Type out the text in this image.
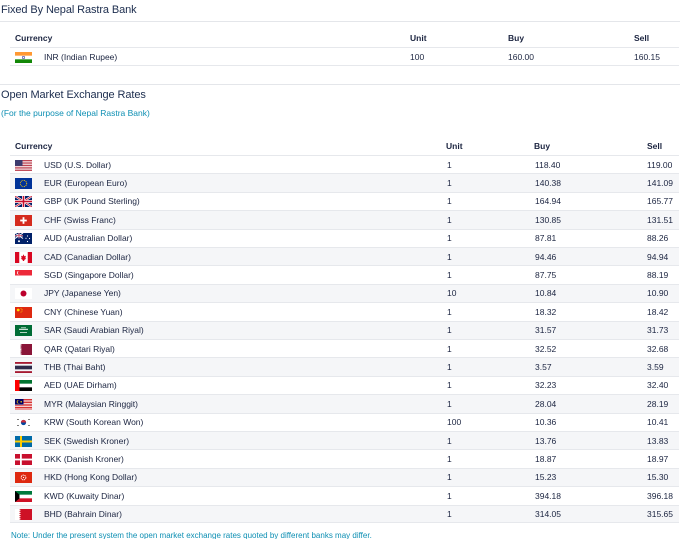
Fixed By Nepal Rastra Bank
Currency	Unit	Buy	Sell
INR (Indian Rupee)	100	160.00	160.15
Open Market Exchange Rates
(For the purpose of Nepal Rastra Bank)
Currency	Unit	Buy	Sell
USD (U.S. Dollar)	1	118.40	119.00
EUR (European Euro)	1	140.38	141.09
GBP (UK Pound Sterling)	1	164.94	165.77
CHF (Swiss Franc)	1	130.85	131.51
AUD (Australian Dollar)	1	87.81	88.26
CAD (Canadian Dollar)	1	94.46	94.94
SGD (Singapore Dollar)	1	87.75	88.19
JPY (Japanese Yen)	10	10.84	10.90
CNY (Chinese Yuan)	1	18.32	18.42
SAR (Saudi Arabian Riyal)	1	31.57	31.73
QAR (Qatari Riyal)	1	32.52	32.68
THB (Thai Baht)	1	3.57	3.59
AED (UAE Dirham)	1	32.23	32.40
MYR (Malaysian Ringgit)	1	28.04	28.19
KRW (South Korean Won)	100	10.36	10.41
SEK (Swedish Kroner)	1	13.76	13.83
DKK (Danish Kroner)	1	18.87	18.97
HKD (Hong Kong Dollar)	1	15.23	15.30
KWD (Kuwaity Dinar)	1	394.18	396.18
BHD (Bahrain Dinar)	1	314.05	315.65
Note: Under the present system the open market exchange rates quoted by different banks may differ.
